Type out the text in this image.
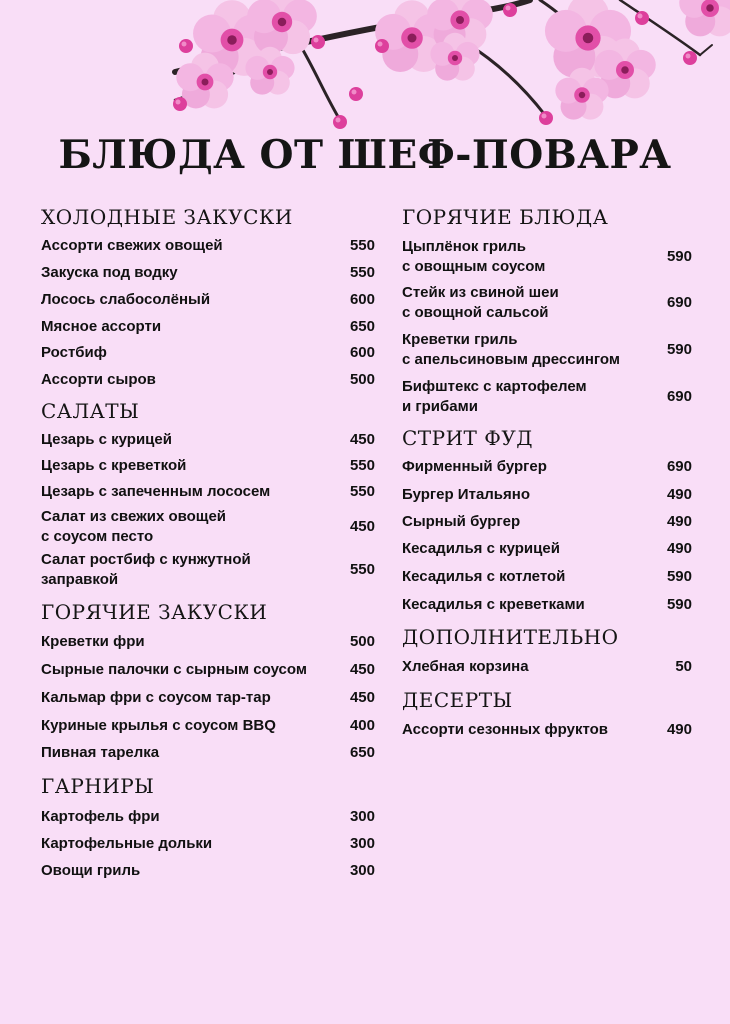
БЛЮДА ОТ ШЕФ-ПОВАРА
ХОЛОДНЫЕ ЗАКУСКИ
Ассорти свежих овощей	550
Закуска под водку	550
Лосось слабосолёный	600
Мясное ассорти	650
Ростбиф	600
Ассорти сыров	500
САЛАТЫ
Цезарь с курицей	450
Цезарь с креветкой	550
Цезарь с запеченным лососем	550
Салат из свежих овощей
с соусом песто
450
Салат ростбиф с кунжутной
заправкой
550
ГОРЯЧИЕ ЗАКУСКИ
Креветки фри	500
Сырные палочки с сырным соусом	450
Кальмар фри с соусом тар-тар	450
Куриные крылья с соусом BBQ	400
Пивная тарелка	650
ГАРНИРЫ
Картофель фри	300
Картофельные дольки	300
Овощи гриль	300
ГОРЯЧИЕ БЛЮДА
Цыплёнок гриль
с овощным соусом
590
Стейк из свиной шеи
с овощной сальсой
690
Креветки гриль
с апельсиновым дрессингом
590
Бифштекс с картофелем
и грибами
690
СТРИТ ФУД
Фирменный бургер	690
Бургер Итальяно	490
Сырный бургер	490
Кесадилья с курицей	490
Кесадилья с котлетой	590
Кесадилья с креветками	590
ДОПОЛНИТЕЛЬНО
Хлебная корзина	50
ДЕСЕРТЫ
Ассорти сезонных фруктов	490
